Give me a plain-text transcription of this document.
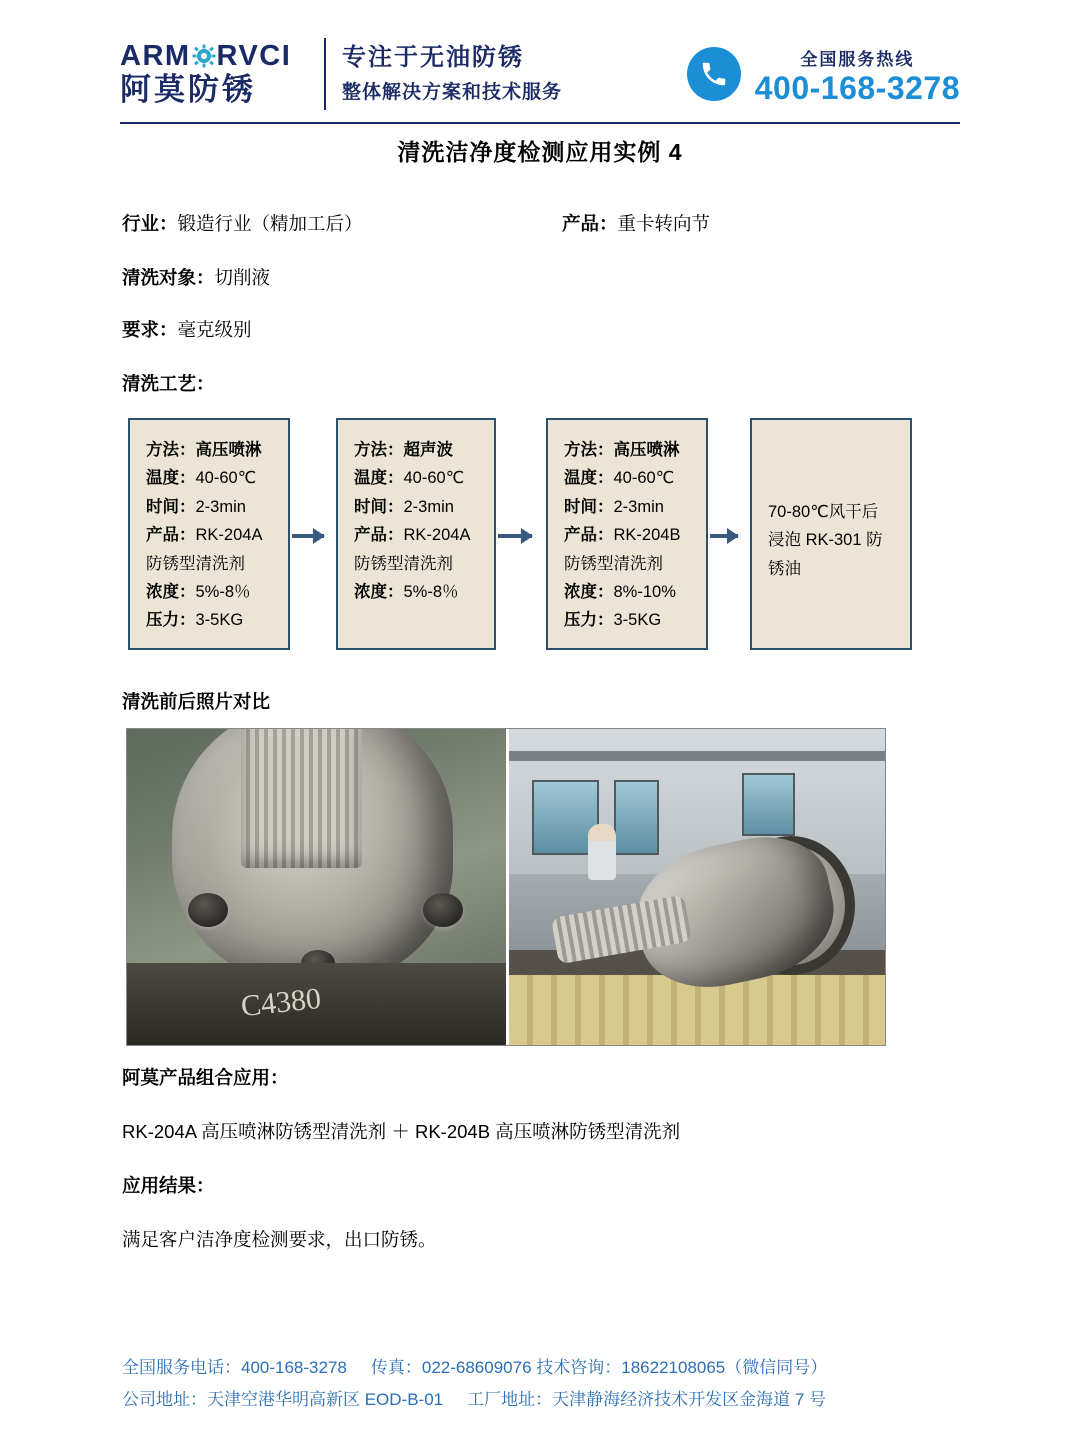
ARM RVCI
阿莫防锈
专注于无油防锈
整体解决方案和技术服务
全国服务热线
400-168-3278
清洗洁净度检测应用实例 4
行业：锻造行业（精加工后）	产品：重卡转向节
清洗对象：切削液
要求：毫克级别
清洗工艺：
方法：高压喷淋
温度：40-60℃
时间：2-3min
产品：RK-204A
防锈型清洗剂
浓度：5%-8％
压力：3-5KG
方法：超声波
温度：40-60℃
时间：2-3min
产品：RK-204A
防锈型清洗剂
浓度：5%-8％
方法：高压喷淋
温度：40-60℃
时间：2-3min
产品：RK-204B
防锈型清洗剂
浓度：8%-10%
压力：3-5KG
70-80℃风干后
浸泡 RK-301 防
锈油
清洗前后照片对比
C4380
阿莫产品组合应用：
RK-204A 高压喷淋防锈型清洗剂 ＋ RK-204B 高压喷淋防锈型清洗剂
应用结果：
满足客户洁净度检测要求，出口防锈。
全国服务电话：400-168-3278 传真：022-68609076 技术咨询：18622108065（微信同号）
公司地址：天津空港华明高新区 EOD-B-01 工厂地址：天津静海经济技术开发区金海道 7 号
